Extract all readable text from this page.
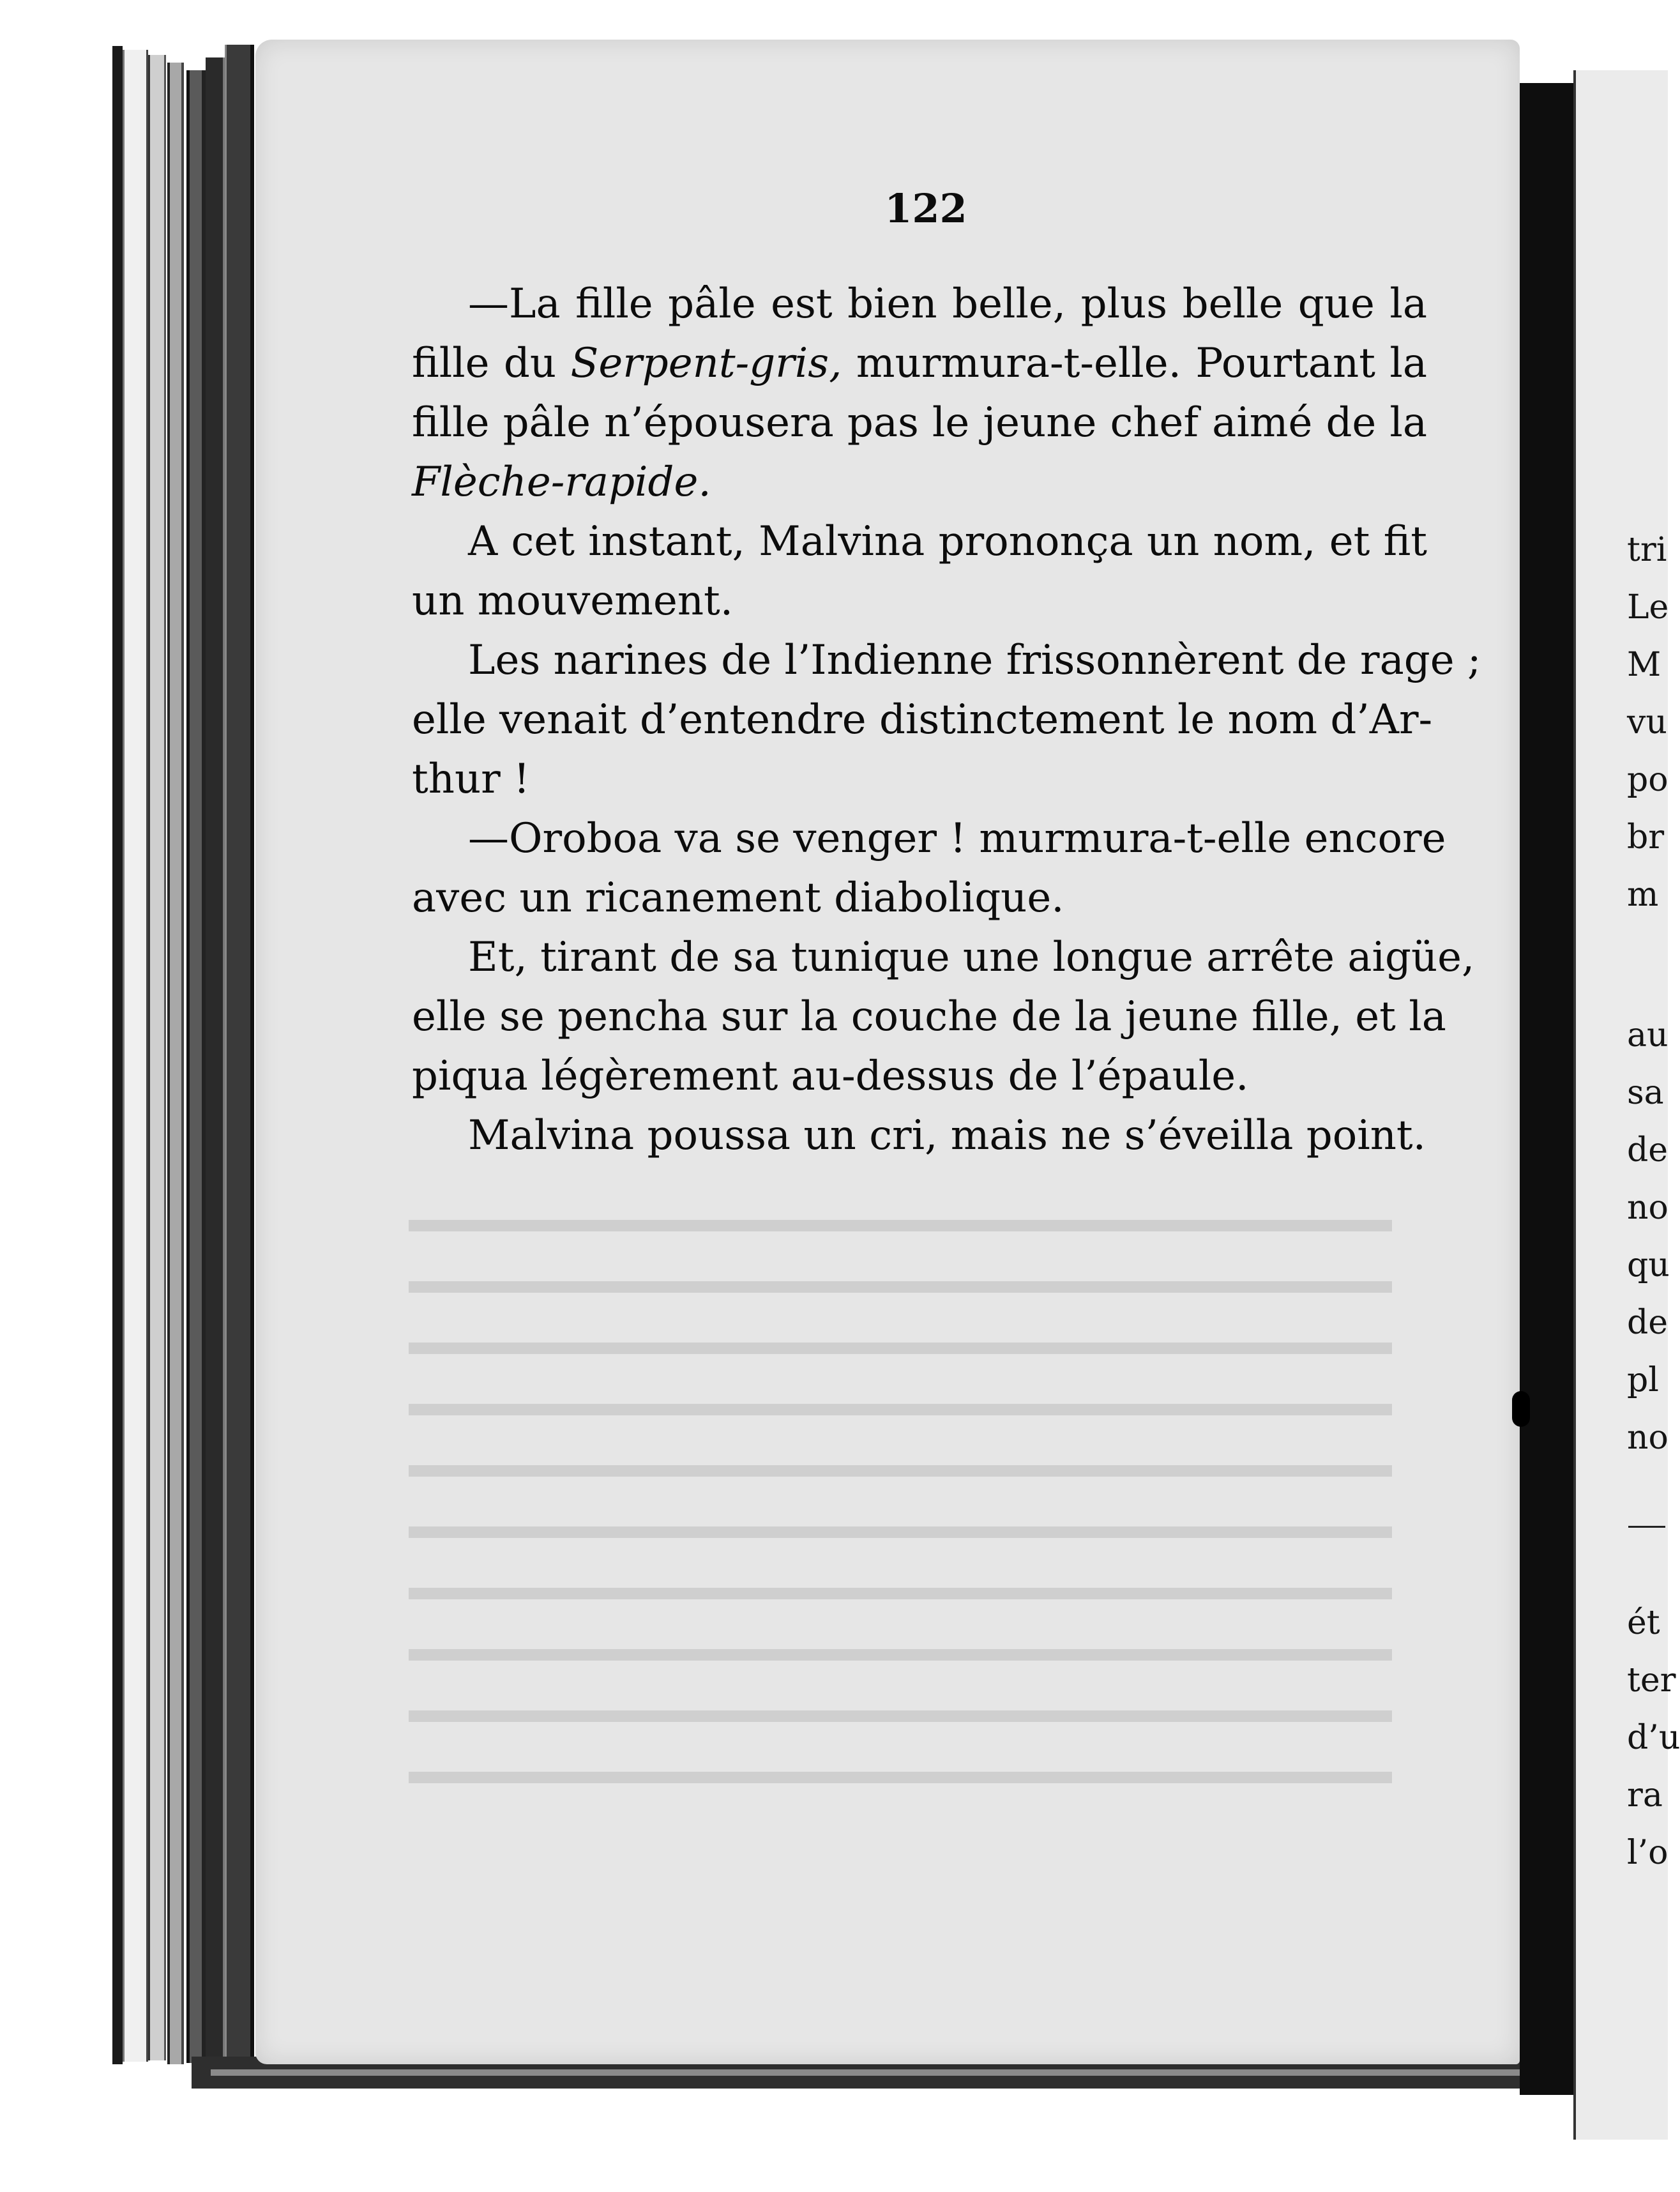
122
—La fille pâle est bien belle, plus belle que la
fille du Serpent-gris, murmura-t-elle. Pourtant la
fille pâle n’épousera pas le jeune chef aimé de la
Flèche-rapide.
A cet instant, Malvina prononça un nom, et fit
un mouvement.
Les narines de l’Indienne frissonnèrent de rage ;
elle venait d’entendre distinctement le nom d’Ar-
thur !
—Oroboa va se venger ! murmura-t-elle encore
avec un ricanement diabolique.
Et, tirant de sa tunique une longue arrête aigüe,
elle se pencha sur la couche de la jeune fille, et la
piqua légèrement au-dessus de l’épaule.
Malvina poussa un cri, mais ne s’éveilla point.
tri
Le
M
vu
po
br
m
au
sa
de
no
qu
de
pl
no
ét
ter
d’u
ra
l’o
